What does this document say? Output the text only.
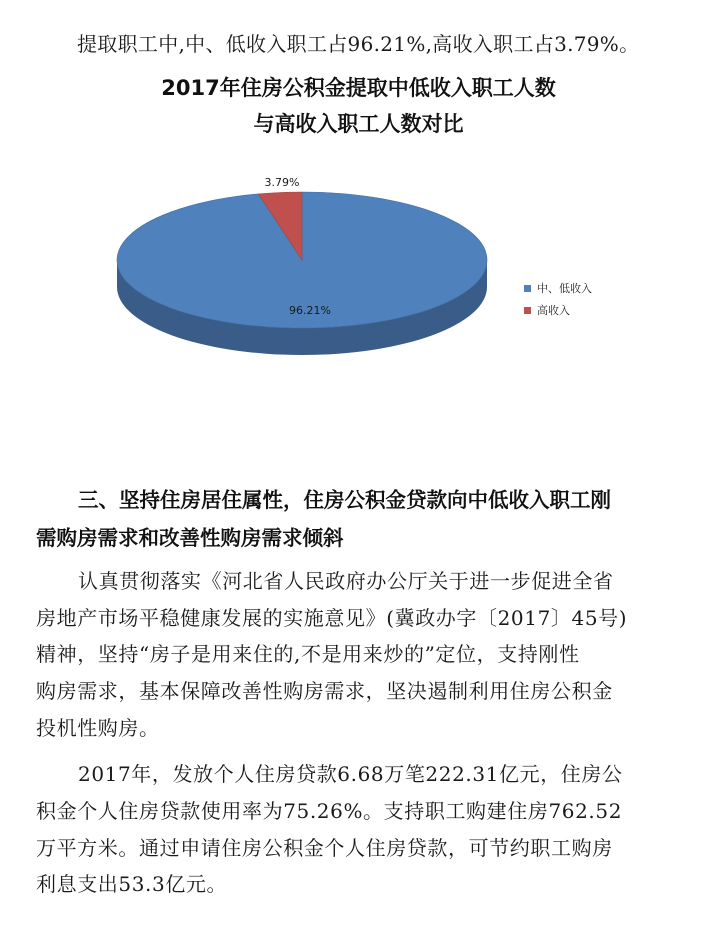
提取职工中,中、低收入职工占96.21%,高收入职工占3.79%。
2017年住房公积金提取中低收入职工人数
与高收入职工人数对比
96.21%
3.79%
中、低收入
高收入
三、坚持住房居住属性，住房公积金贷款向中低收入职工刚
需购房需求和改善性购房需求倾斜
认真贯彻落实《河北省人民政府办公厅关于进一步促进全省
房地产市场平稳健康发展的实施意见》(冀政办字〔2017〕45号)
精神，坚持“房子是用来住的,不是用来炒的”定位，支持刚性
购房需求，基本保障改善性购房需求，坚决遏制利用住房公积金
投机性购房。
2017年，发放个人住房贷款6.68万笔222.31亿元，住房公
积金个人住房贷款使用率为75.26%。支持职工购建住房762.52
万平方米。通过申请住房公积金个人住房贷款，可节约职工购房
利息支出53.3亿元。
